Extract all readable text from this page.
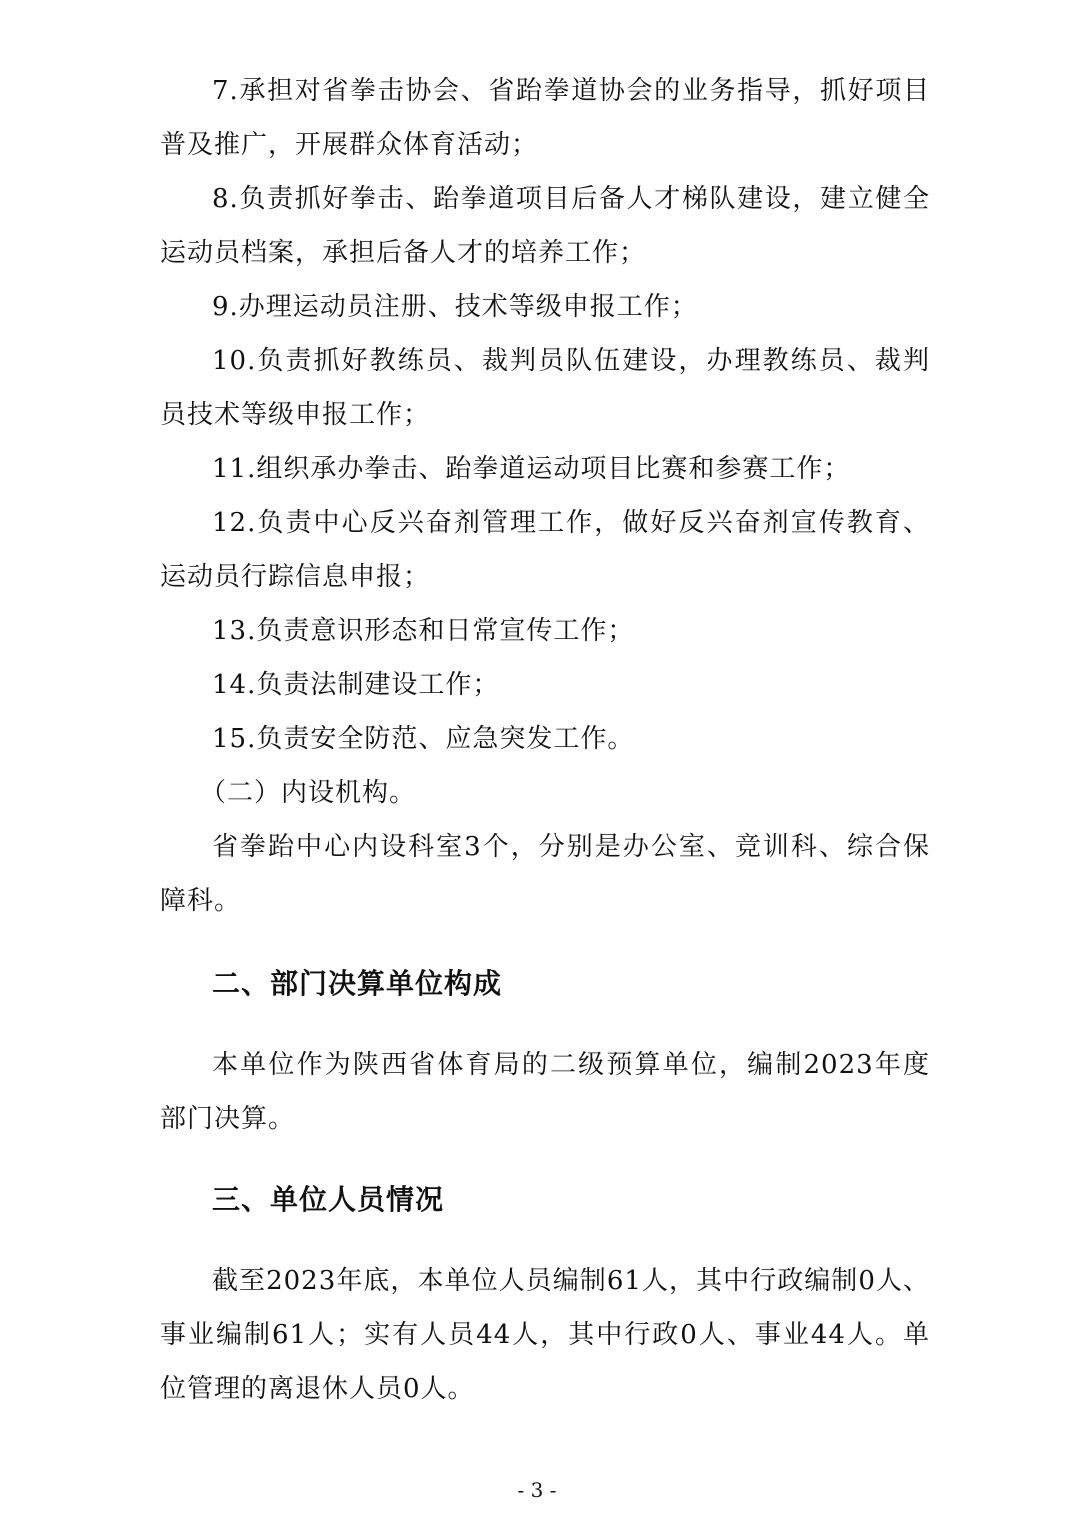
7.承担对省拳击协会、省跆拳道协会的业务指导，抓好项目普及推广，开展群众体育活动；

8.负责抓好拳击、跆拳道项目后备人才梯队建设，建立健全运动员档案，承担后备人才的培养工作；

9.办理运动员注册、技术等级申报工作；

10.负责抓好教练员、裁判员队伍建设，办理教练员、裁判员技术等级申报工作；

11.组织承办拳击、跆拳道运动项目比赛和参赛工作；

12.负责中心反兴奋剂管理工作，做好反兴奋剂宣传教育、运动员行踪信息申报；

13.负责意识形态和日常宣传工作；

14.负责法制建设工作；

15.负责安全防范、应急突发工作。

（二）内设机构。

省拳跆中心内设科室3个，分别是办公室、竞训科、综合保障科。

二、部门决算单位构成

本单位作为陕西省体育局的二级预算单位，编制2023年度部门决算。

三、单位人员情况

截至2023年底，本单位人员编制61人，其中行政编制0人、事业编制61人；实有人员44人，其中行政0人、事业44人。单位管理的离退休人员0人。

- 3 -
